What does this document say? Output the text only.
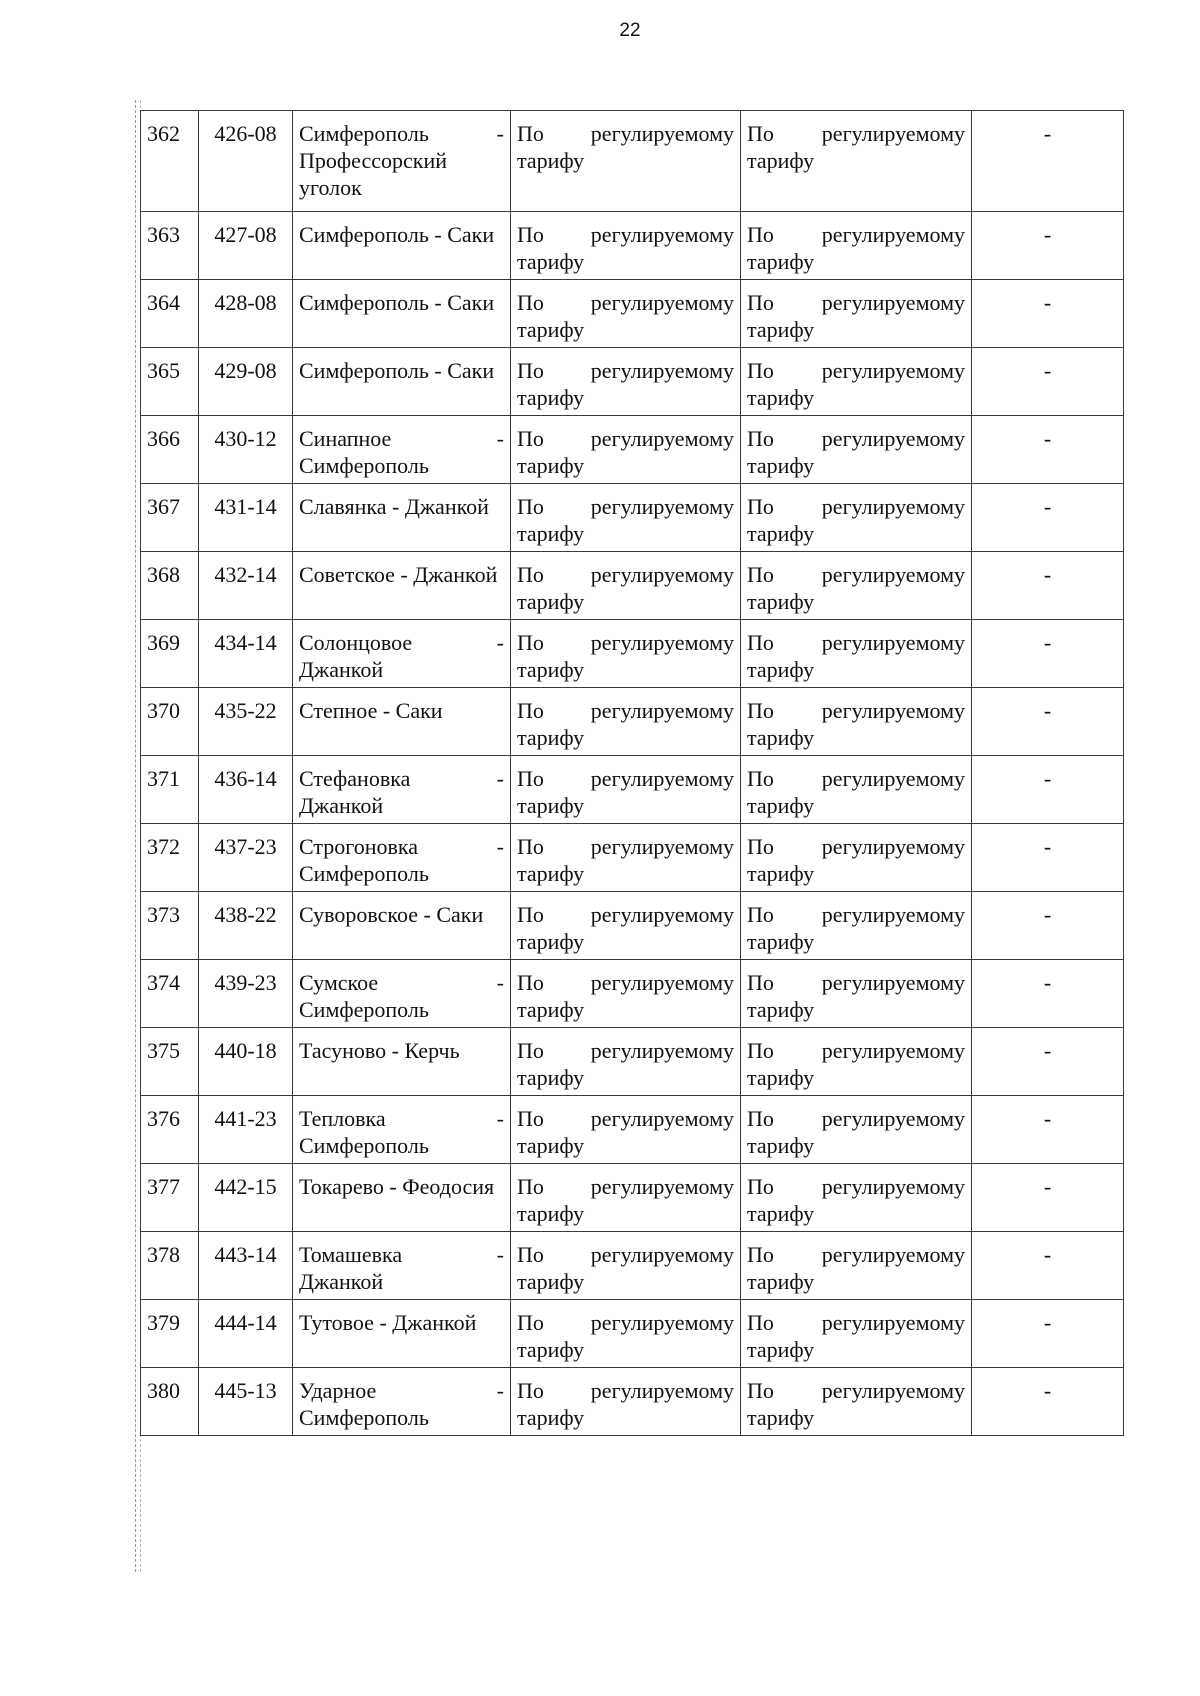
22
362	426-08	Симферополь - Профессорский уголок	По регулируемому тарифу	По регулируемому тарифу	-
363	427-08	Симферополь - Саки	По регулируемому тарифу	По регулируемому тарифу	-
364	428-08	Симферополь - Саки	По регулируемому тарифу	По регулируемому тарифу	-
365	429-08	Симферополь - Саки	По регулируемому тарифу	По регулируемому тарифу	-
366	430-12	Синапное - Симферополь	По регулируемому тарифу	По регулируемому тарифу	-
367	431-14	Славянка - Джанкой	По регулируемому тарифу	По регулируемому тарифу	-
368	432-14	Советское - Джанкой	По регулируемому тарифу	По регулируемому тарифу	-
369	434-14	Солонцовое - Джанкой	По регулируемому тарифу	По регулируемому тарифу	-
370	435-22	Степное - Саки	По регулируемому тарифу	По регулируемому тарифу	-
371	436-14	Стефановка - Джанкой	По регулируемому тарифу	По регулируемому тарифу	-
372	437-23	Строгоновка - Симферополь	По регулируемому тарифу	По регулируемому тарифу	-
373	438-22	Суворовское - Саки	По регулируемому тарифу	По регулируемому тарифу	-
374	439-23	Сумское - Симферополь	По регулируемому тарифу	По регулируемому тарифу	-
375	440-18	Тасуново - Керчь	По регулируемому тарифу	По регулируемому тарифу	-
376	441-23	Тепловка - Симферополь	По регулируемому тарифу	По регулируемому тарифу	-
377	442-15	Токарево - Феодосия	По регулируемому тарифу	По регулируемому тарифу	-
378	443-14	Томашевка - Джанкой	По регулируемому тарифу	По регулируемому тарифу	-
379	444-14	Тутовое - Джанкой	По регулируемому тарифу	По регулируемому тарифу	-
380	445-13	Ударное - Симферополь	По регулируемому тарифу	По регулируемому тарифу	-
